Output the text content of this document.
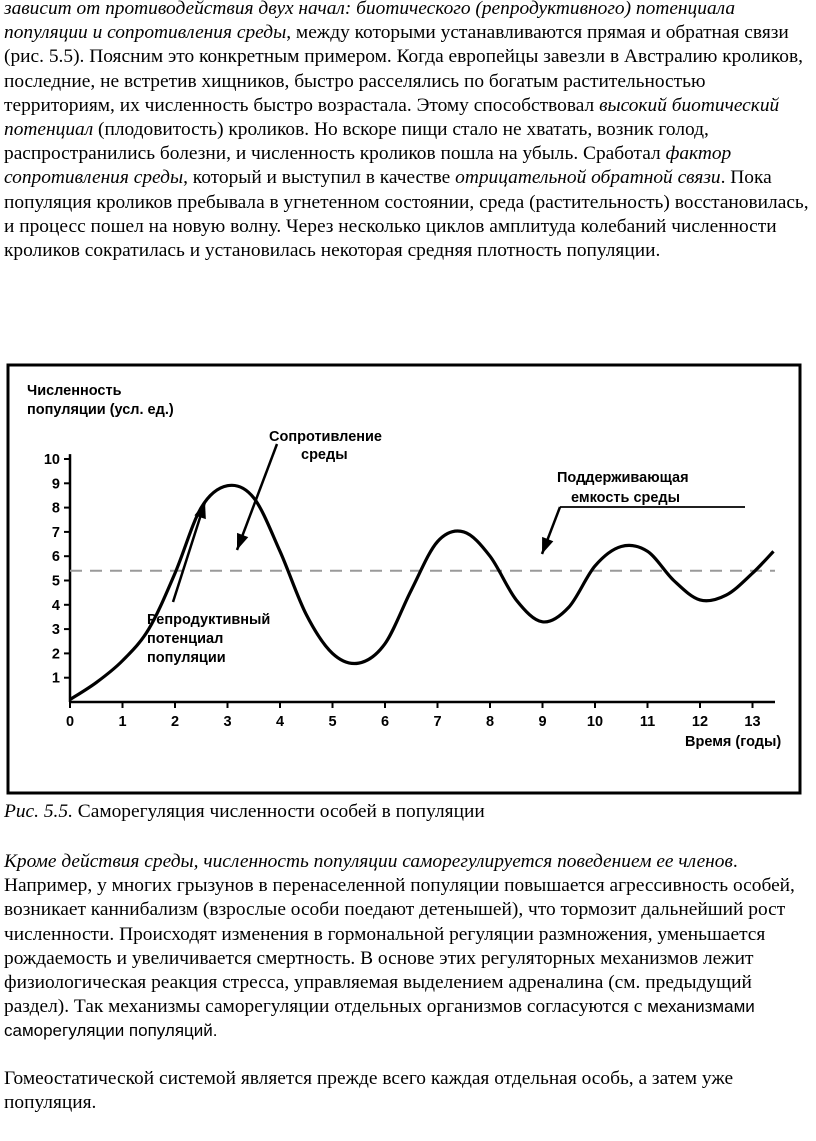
зависит от противодействия двух начал: биотического (репродуктивного) потенциала популяции и сопротивления среды, между которыми устанавливаются прямая и обратная связи (рис. 5.5). Поясним это конкретным примером. Когда европейцы завезли в Австралию кроликов, последние, не встретив хищников, быстро расселялись по богатым растительностью территориям, их численность быстро возрастала. Этому способствовал высокий биотический потенциал (плодовитость) кроликов. Но вскоре пищи стало не хватать, возник голод, распространились болезни, и численность кроликов пошла на убыль. Сработал фактор сопротивления среды, который и выступил в качестве отрицательной обратной связи. Пока популяция кроликов пребывала в угнетенном состоянии, среда (растительность) восстановилась, и процесс пошел на новую волну. Через несколько циклов амплитуда колебаний численности кроликов сократилась и установилась некоторая средняя плотность популяции.

Численность
популяции (усл. ед.)
Время (годы)
Сопротивление
среды
Поддерживающая
емкость среды
Репродуктивный
потенциал
популяции
1
2
3
4
5
6
7
8
9
10
0	1	2	3	4	5	6	7	8	9	10	11	12	13

Рис. 5.5. Саморегуляция численности особей в популяции

Кроме действия среды, численность популяции саморегулируется поведением ее членов. Например, у многих грызунов в перенаселенной популяции повышается агрессивность особей, возникает каннибализм (взрослые особи поедают детенышей), что тормозит дальнейший рост численности. Происходят изменения в гормональной регуляции размножения, уменьшается рождаемость и увеличивается смертность. В основе этих регуляторных механизмов лежит физиологическая реакция стресса, управляемая выделением адреналина (см. предыдущий раздел). Так механизмы саморегуляции отдельных организмов согласуются с механизмами саморегуляции популяций.

Гомеостатической системой является прежде всего каждая отдельная особь, а затем уже популяция.
